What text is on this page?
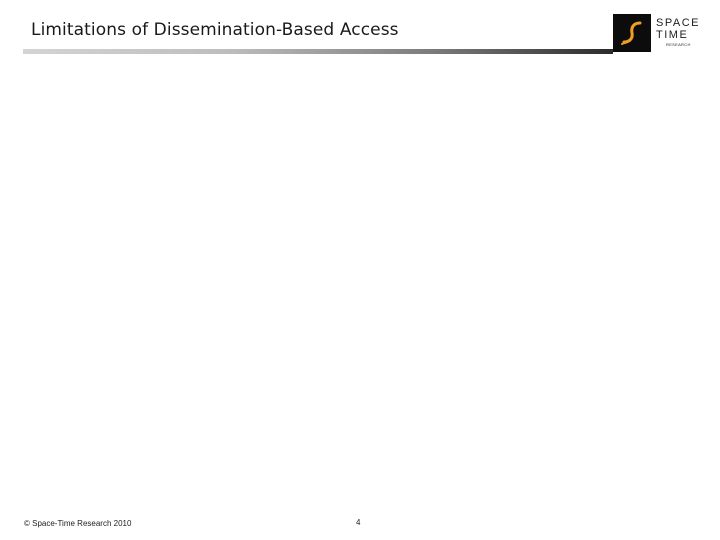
Limitations of Dissemination-Based Access	SPACE
TIME
RESEARCH
© Space-Time Research 2010	4
